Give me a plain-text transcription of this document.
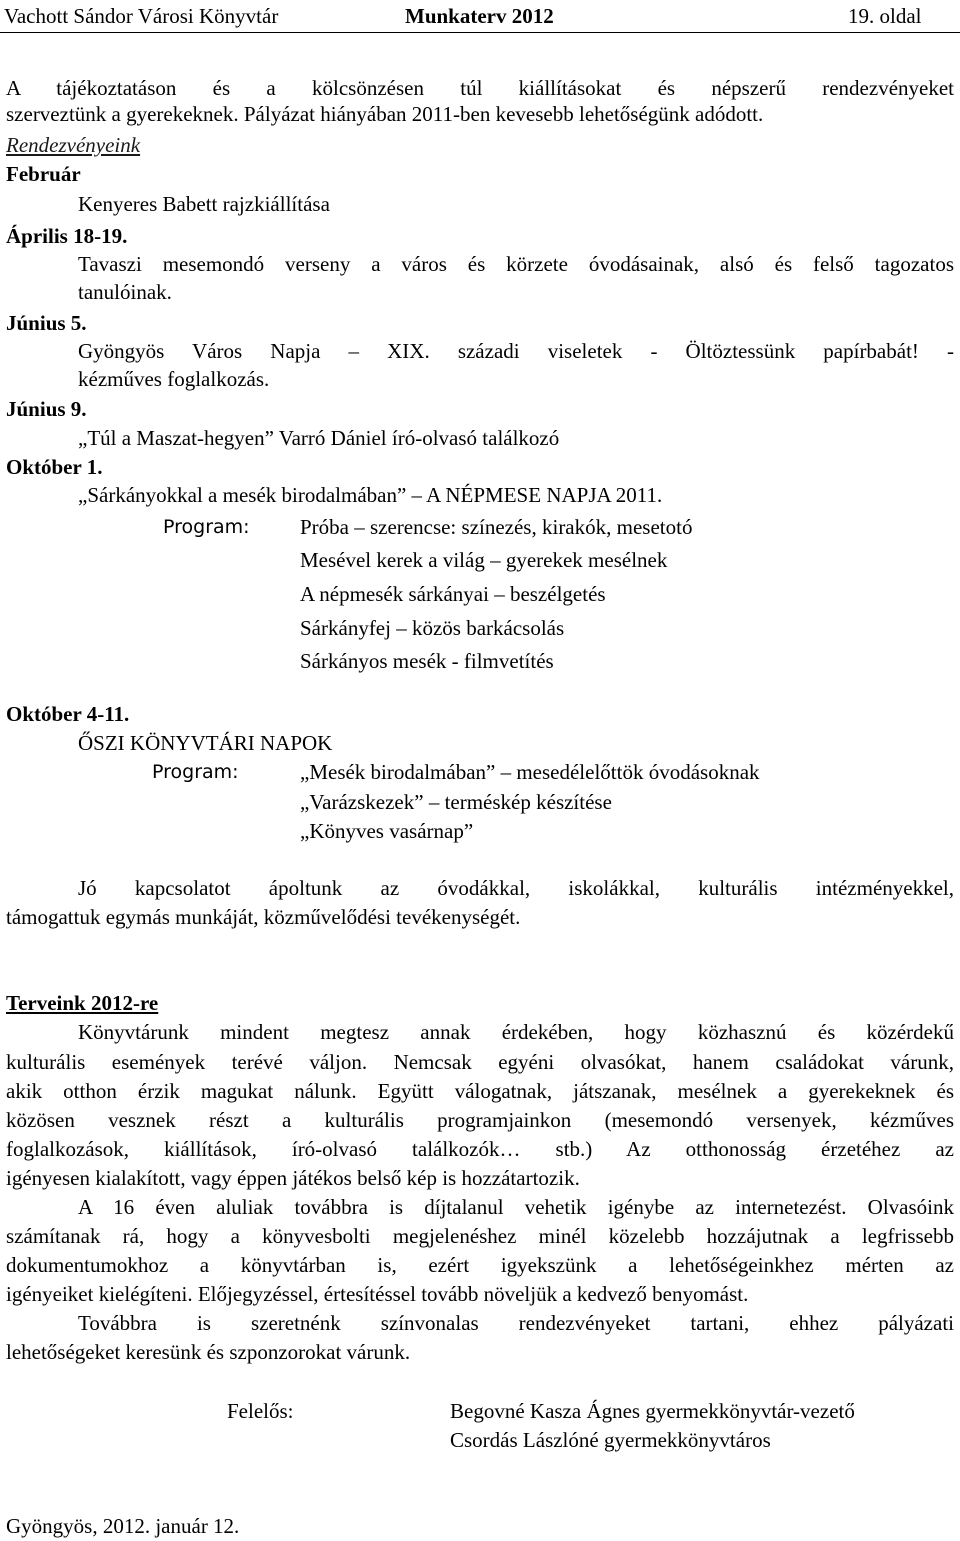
Vachott Sándor Városi Könyvtár	Munkaterv 2012	19. oldal
A tájékoztatáson és a kölcsönzésen túl kiállításokat és népszerű rendezvényeket
szerveztünk a gyerekeknek. Pályázat hiányában 2011-ben kevesebb lehetőségünk adódott.
Rendezvényeink
Február
Kenyeres Babett rajzkiállítása
Április 18-19.
Tavaszi mesemondó verseny a város és körzete óvodásainak, alsó és felső tagozatos
tanulóinak.
Június 5.
Gyöngyös Város Napja – XIX. századi viseletek - Öltöztessünk papírbabát! -
kézműves foglalkozás.
Június 9.
„Túl a Maszat-hegyen” Varró Dániel író-olvasó találkozó
Október 1.
„Sárkányokkal a mesék birodalmában” – A NÉPMESE NAPJA 2011.
Program: Próba – szerencse: színezés, kirakók, mesetotó
Mesével kerek a világ – gyerekek mesélnek
A népmesék sárkányai – beszélgetés
Sárkányfej – közös barkácsolás
Sárkányos mesék - filmvetítés
Október 4-11.
ŐSZI KÖNYVTÁRI NAPOK
Program:	„Mesék birodalmában” – mesedélelőttök óvodásoknak
„Varázskezek” – terméskép készítése
„Könyves vasárnap”
Jó kapcsolatot ápoltunk az óvodákkal, iskolákkal, kulturális intézményekkel,
támogattuk egymás munkáját, közművelődési tevékenységét.
Terveink 2012-re
Könyvtárunk mindent megtesz annak érdekében, hogy közhasznú és közérdekű
kulturális események terévé váljon. Nemcsak egyéni olvasókat, hanem családokat várunk,
akik otthon érzik magukat nálunk. Együtt válogatnak, játszanak, mesélnek a gyerekeknek és
közösen vesznek részt a kulturális programjainkon (mesemondó versenyek, kézműves
foglalkozások, kiállítások, író-olvasó találkozók… stb.) Az otthonosság érzetéhez az
igényesen kialakított, vagy éppen játékos belső kép is hozzátartozik.
A 16 éven aluliak továbbra is díjtalanul vehetik igénybe az internetezést. Olvasóink
számítanak rá, hogy a könyvesbolti megjelenéshez minél közelebb hozzájutnak a legfrissebb
dokumentumokhoz a könyvtárban is, ezért igyekszünk a lehetőségeinkhez mérten az
igényeiket kielégíteni. Előjegyzéssel, értesítéssel tovább növeljük a kedvező benyomást.
Továbbra is szeretnénk színvonalas rendezvényeket tartani, ehhez pályázati
lehetőségeket keresünk és szponzorokat várunk.
Felelős:	Begovné Kasza Ágnes gyermekkönyvtár-vezető
Csordás Lászlóné gyermekkönyvtáros
Gyöngyös, 2012. január 12.
